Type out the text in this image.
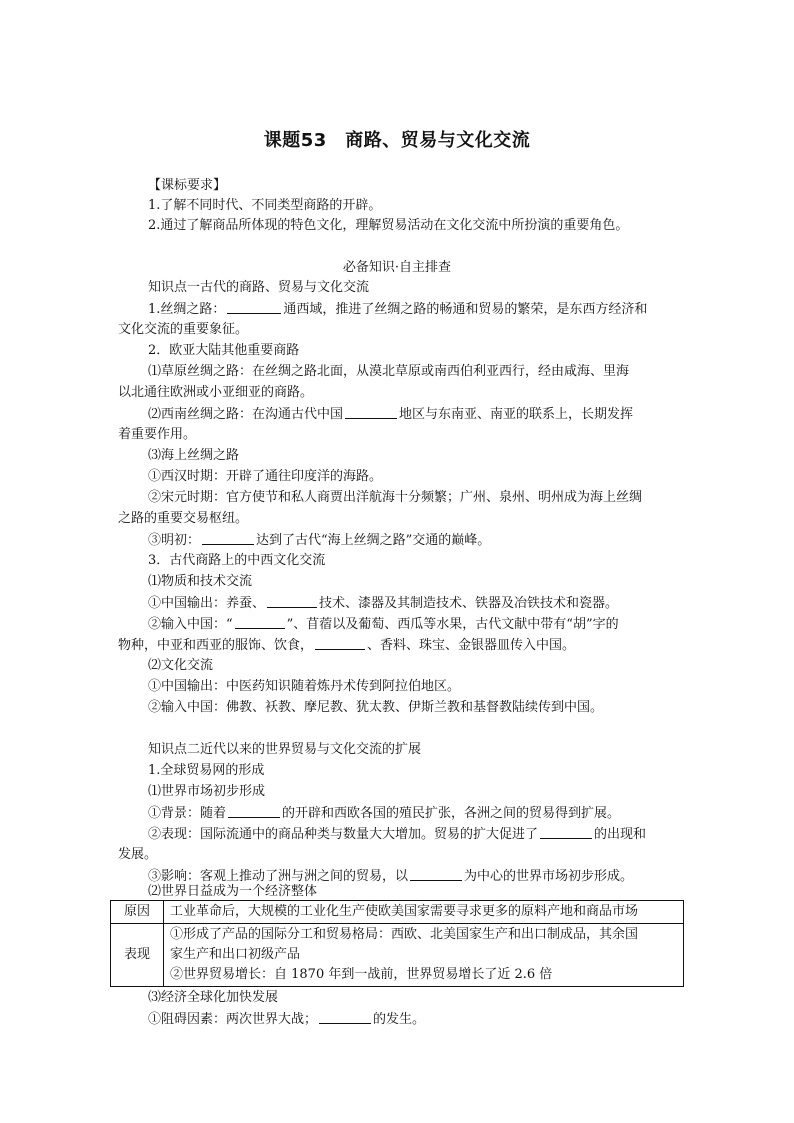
课题53　商路、贸易与文化交流
【课标要求】
1.了解不同时代、不同类型商路的开辟。
2.通过了解商品所体现的特色文化，理解贸易活动在文化交流中所扮演的重要角色。
必备知识·自主排查
知识点一古代的商路、贸易与文化交流
1.丝绸之路：	通西域，推进了丝绸之路的畅通和贸易的繁荣，是东西方经济和
文化交流的重要象征。
2．欧亚大陆其他重要商路
⑴草原丝绸之路：在丝绸之路北面，从漠北草原或南西伯利亚西行，经由咸海、里海
以北通往欧洲或小亚细亚的商路。
⑵西南丝绸之路：在沟通古代中国	地区与东南亚、南亚的联系上，长期发挥
着重要作用。
⑶海上丝绸之路
①西汉时期：开辟了通往印度洋的海路。
②宋元时期：官方使节和私人商贾出洋航海十分频繁；广州、泉州、明州成为海上丝绸
之路的重要交易枢纽。
③明初：	达到了古代“海上丝绸之路”交通的巅峰。
3．古代商路上的中西文化交流
⑴物质和技术交流
①中国输出：养蚕、	技术、漆器及其制造技术、铁器及冶铁技术和瓷器。
②输入中国：“	”、苜蓿以及葡萄、西瓜等水果，古代文献中带有“胡”字的
物种，中亚和西亚的服饰、饮食，	、香料、珠宝、金银器皿传入中国。
⑵文化交流
①中国输出：中医药知识随着炼丹术传到阿拉伯地区。
②输入中国：佛教、袄教、摩尼教、犹太教、伊斯兰教和基督教陆续传到中国。
知识点二近代以来的世界贸易与文化交流的扩展
1.全球贸易网的形成
⑴世界市场初步形成
①背景：随着	的开辟和西欧各国的殖民扩张，各洲之间的贸易得到扩展。
②表现：国际流通中的商品种类与数量大大增加。贸易的扩大促进了	的出现和
发展。
③影响：客观上推动了洲与洲之间的贸易，以	为中心的世界市场初步形成。
⑵世界日益成为一个经济整体
原因	工业革命后，大规模的工业化生产使欧美国家需要寻求更多的原料产地和商品市场
表现	①形成了产品的国际分工和贸易格局：西欧、北美国家生产和出口制成品，其余国
家生产和出口初级产品
②世界贸易增长：自 1870 年到一战前，世界贸易增长了近 2.6 倍
⑶经济全球化加快发展
①阻碍因素：两次世界大战；	的发生。
